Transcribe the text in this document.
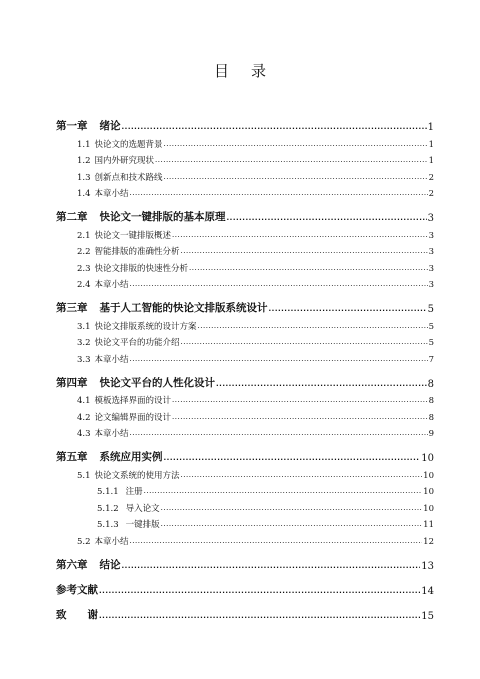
目 录
第一章 绪论 .....	1
1.1 快论文的选题背景 .....	1
1.2 国内外研究现状 .....	1
1.3 创新点和技术路线 .....	2
1.4 本章小结 .....	2
第二章 快论文一键排版的基本原理 .....	3
2.1 快论文一键排版概述 .....	3
2.2 智能排版的准确性分析 .....	3
2.3 快论文排版的快速性分析 .....	3
2.4 本章小结 .....	3
第三章 基于人工智能的快论文排版系统设计 .....	5
3.1 快论文排版系统的设计方案 .....	5
3.2 快论文平台的功能介绍 .....	5
3.3 本章小结 .....	7
第四章 快论文平台的人性化设计 .....	8
4.1 模板选择界面的设计 .....	8
4.2 论文编辑界面的设计 .....	8
4.3 本章小结 .....	9
第五章 系统应用实例 .....	10
5.1 快论文系统的使用方法 .....	10
5.1.1 注册 .....	10
5.1.2 导入论文 .....	10
5.1.3 一键排版 .....	11
5.2 本章小结 .....	12
第六章 结论 .....	13
参考文献 .....	14
致　　谢 .....	15
